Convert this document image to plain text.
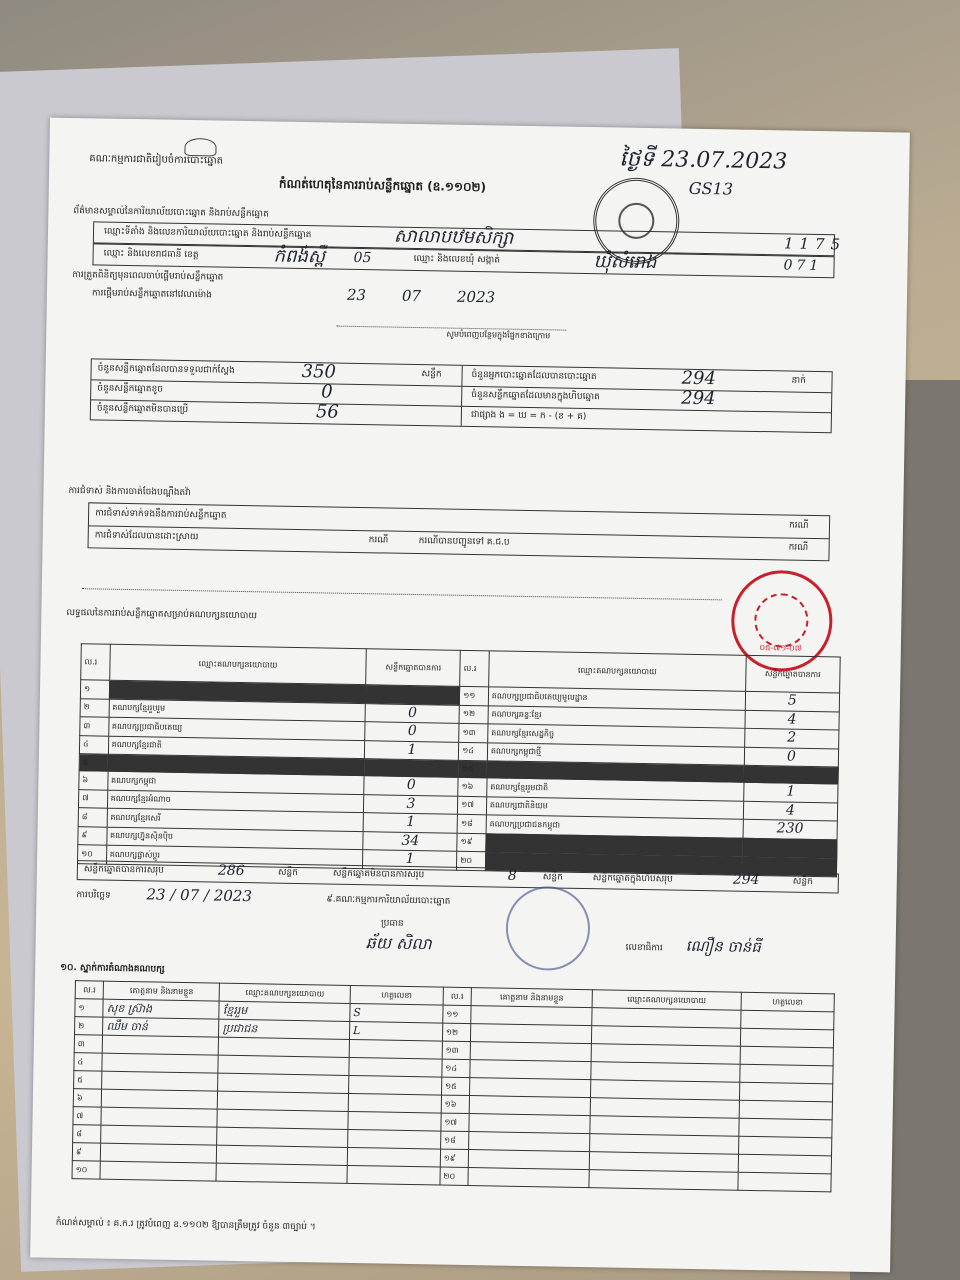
គណៈកម្មការជាតិរៀបចំការបោះឆ្នោត
កំណត់ហេតុនៃការរាប់សន្លឹកឆ្នោត (ឧ.១១០២)
ថ្ងៃទី 23.07.2023
GS13
ព័ត៌មានសម្គាល់នៃការិយាល័យបោះឆ្នោត និងរាប់សន្លឹកឆ្នោត
ឈ្មោះទីតាំង និងលេខការិយាល័យបោះឆ្នោត និងរាប់សន្លឹកឆ្នោត	សាលាបឋមសិក្សា	1175
ឈ្មោះ និងលេខរាជធានី ខេត្ត	កំពង់ស្ពឺ 05	ឈ្មោះ និងលេខឃុំ សង្កាត់	ឃុំសំរោង	071
ការត្រួតពិនិត្យមុនពេលចាប់ផ្តើមរាប់សន្លឹកឆ្នោត
ការផ្តើមរាប់សន្លឹកឆ្នោតនៅវេលាម៉ោង	23 07 2023
សូមបំពេញបន្ថែមក្នុងផ្នែកខាងក្រោម
ចំនួនសន្លឹកឆ្នោតដែលបានទទួលជាក់ស្តែង	350	សន្លឹក
ចំនួនសន្លឹកឆ្នោតខូច	0
ចំនួនសន្លឹកឆ្នោតមិនបានប្រើ	56
ចំនួនអ្នកបោះឆ្នោតដែលបានបោះឆ្នោត	294	នាក់
ចំនួនសន្លឹកឆ្នោតដែលមានក្នុងហិបឆ្នោត	294
ជាផ្សាង ង = ឃ = ក - (ខ + គ)
ការជំទាស់ និងការចាត់ចែងបណ្តឹងតវ៉ា
ការជំទាស់ទាក់ទងនឹងការរាប់សន្លឹកឆ្នោត
ករណី
ការជំទាស់ដែលបានដោះស្រាយ	ករណី	ករណីបានបញ្ជូនទៅ គ.ជ.ប
ករណី
០៥-៧១-០៧
លទ្ធផលនៃការរាប់សន្លឹកឆ្នោតសម្រាប់គណបក្សនយោបាយ
ល.រ	ឈ្មោះគណបក្សនយោបាយ	សន្លឹកឆ្នោតបានការ	ល.រ	ឈ្មោះគណបក្សនយោបាយ	សន្លឹកឆ្នោតបានការ
១			១១	គណបក្សប្រជាធិបតេយ្យមូលដ្ឋាន	5
២	គណបក្សខ្មែររួបរួម	0	១២	គណបក្សឆន្ទៈខ្មែរ	4
៣	គណបក្សប្រជាធិបតេយ្យ	0	១៣	គណបក្សខ្មែរសេដ្ឋកិច្ច	2
៤	គណបក្សខ្មែរជាតិ	1	១៤	គណបក្សកម្ពុជាថ្មី	0
៥			១៥		
៦	គណបក្សកម្ពុជា	0	១៦	គណបក្សខ្មែររួមជាតិ	1
៧	គណបក្សខ្មែរអំណាច	3	១៧	គណបក្សជាតិនិយម	4
៨	គណបក្សខ្មែរសេរី	1	១៨	គណបក្សប្រជាជនកម្ពុជា	230
៩	គណបក្សហ្វ៊ុនស៊ិនប៉ិច	34	១៩		
១០	គណបក្សផ្លាស់ប្តូរ	1	២០		
សន្លឹកឆ្នោតបានការសរុប	286	សន្លឹក	សន្លឹកឆ្នោតមិនបានការសរុប	8	សន្លឹក	សន្លឹកឆ្នោតក្នុងហិបសរុប	294	សន្លឹក
ការបរិច្ឆេទ 23 / 07 / 2023	៩.គណៈកម្មការការិយាល័យបោះឆ្នោត
ប្រធាន
ឆ័យ សិលា	លេខាធិការ ណឿន ចាន់ធី
១០. ស្នាក់ការតំណាងគណបក្ស
ល.រ	គោត្តនាម និងនាមខ្លួន	ឈ្មោះគណបក្សនយោបាយ	ហត្ថលេខា	ល.រ	គោត្តនាម និងនាមខ្លួន	ឈ្មោះគណបក្សនយោបាយ	ហត្ថលេខា
១	សុខ ស្រ៊ាង	ខ្មែររួម	S	១១			
២	ឈឹម ចាន់	ប្រជាជន	L	១២			
៣				១៣			
៤				១៤			
៥				១៥			
៦				១៦			
៧				១៧			
៨				១៨			
៩				១៩			
១០				២០			
កំណត់សម្គាល់ ៖ គ.ក.រ ត្រូវបំពេញ ឧ.១១០២ ឱ្យបានត្រឹមត្រូវ ចំនួន ៣ច្បាប់ ។
